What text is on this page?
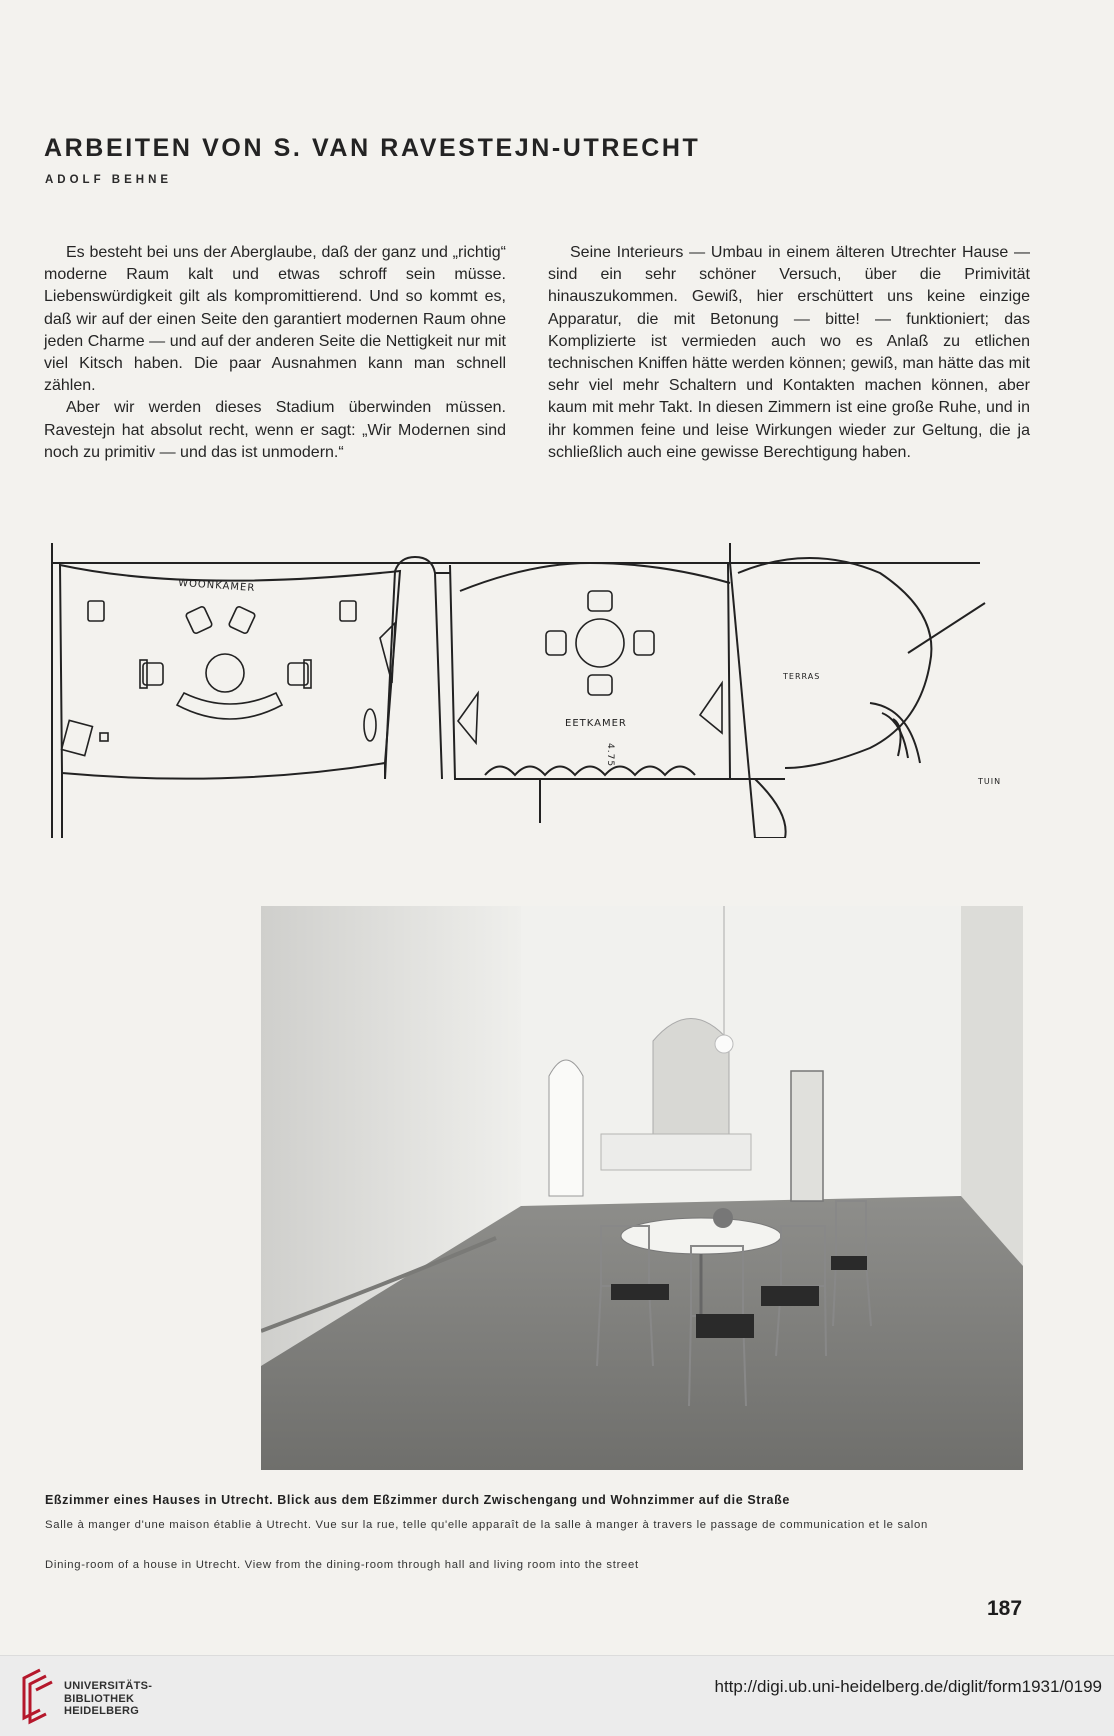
ARBEITEN VON S. VAN RAVESTEJN-UTRECHT
ADOLF BEHNE

Es besteht bei uns der Aberglaube, daß der ganz und „richtig“ moderne Raum kalt und etwas schroff sein müsse. Liebenswürdigkeit gilt als kompromittierend. Und so kommt es, daß wir auf der einen Seite den garantiert modernen Raum ohne jeden Charme — und auf der anderen Seite die Nettigkeit nur mit viel Kitsch haben. Die paar Ausnahmen kann man schnell zählen.

Aber wir werden dieses Stadium überwinden müssen. Ravestejn hat absolut recht, wenn er sagt: „Wir Modernen sind noch zu primitiv — und das ist unmodern.“

Seine Interieurs — Umbau in einem älteren Utrechter Hause — sind ein sehr schöner Versuch, über die Primivität hinauszukommen. Gewiß, hier erschüttert uns keine einzige Apparatur, die mit Betonung — bitte! — funktioniert; das Komplizierte ist vermieden auch wo es Anlaß zu etlichen technischen Kniffen hätte werden können; gewiß, man hätte das mit sehr viel mehr Schaltern und Kontakten machen können, aber kaum mit mehr Takt. In diesen Zimmern ist eine große Ruhe, und in ihr kommen feine und leise Wirkungen wieder zur Geltung, die ja schließlich auch eine gewisse Berechtigung haben.

WOONKAMER
EETKAMER
TERRAS
TUIN
4.75
Eßzimmer eines Hauses in Utrecht. Blick aus dem Eßzimmer durch Zwischengang und Wohnzimmer auf die Straße
Salle à manger d'une maison établie à Utrecht. Vue sur la rue, telle qu'elle apparaît de la salle à manger à travers le passage de communication et le salon
Dining-room of a house in Utrecht. View from the dining-room through hall and living room into the street
187
UNIVERSITÄTS-
BIBLIOTHEK
HEIDELBERG
http://digi.ub.uni-heidelberg.de/diglit/form1931/0199
